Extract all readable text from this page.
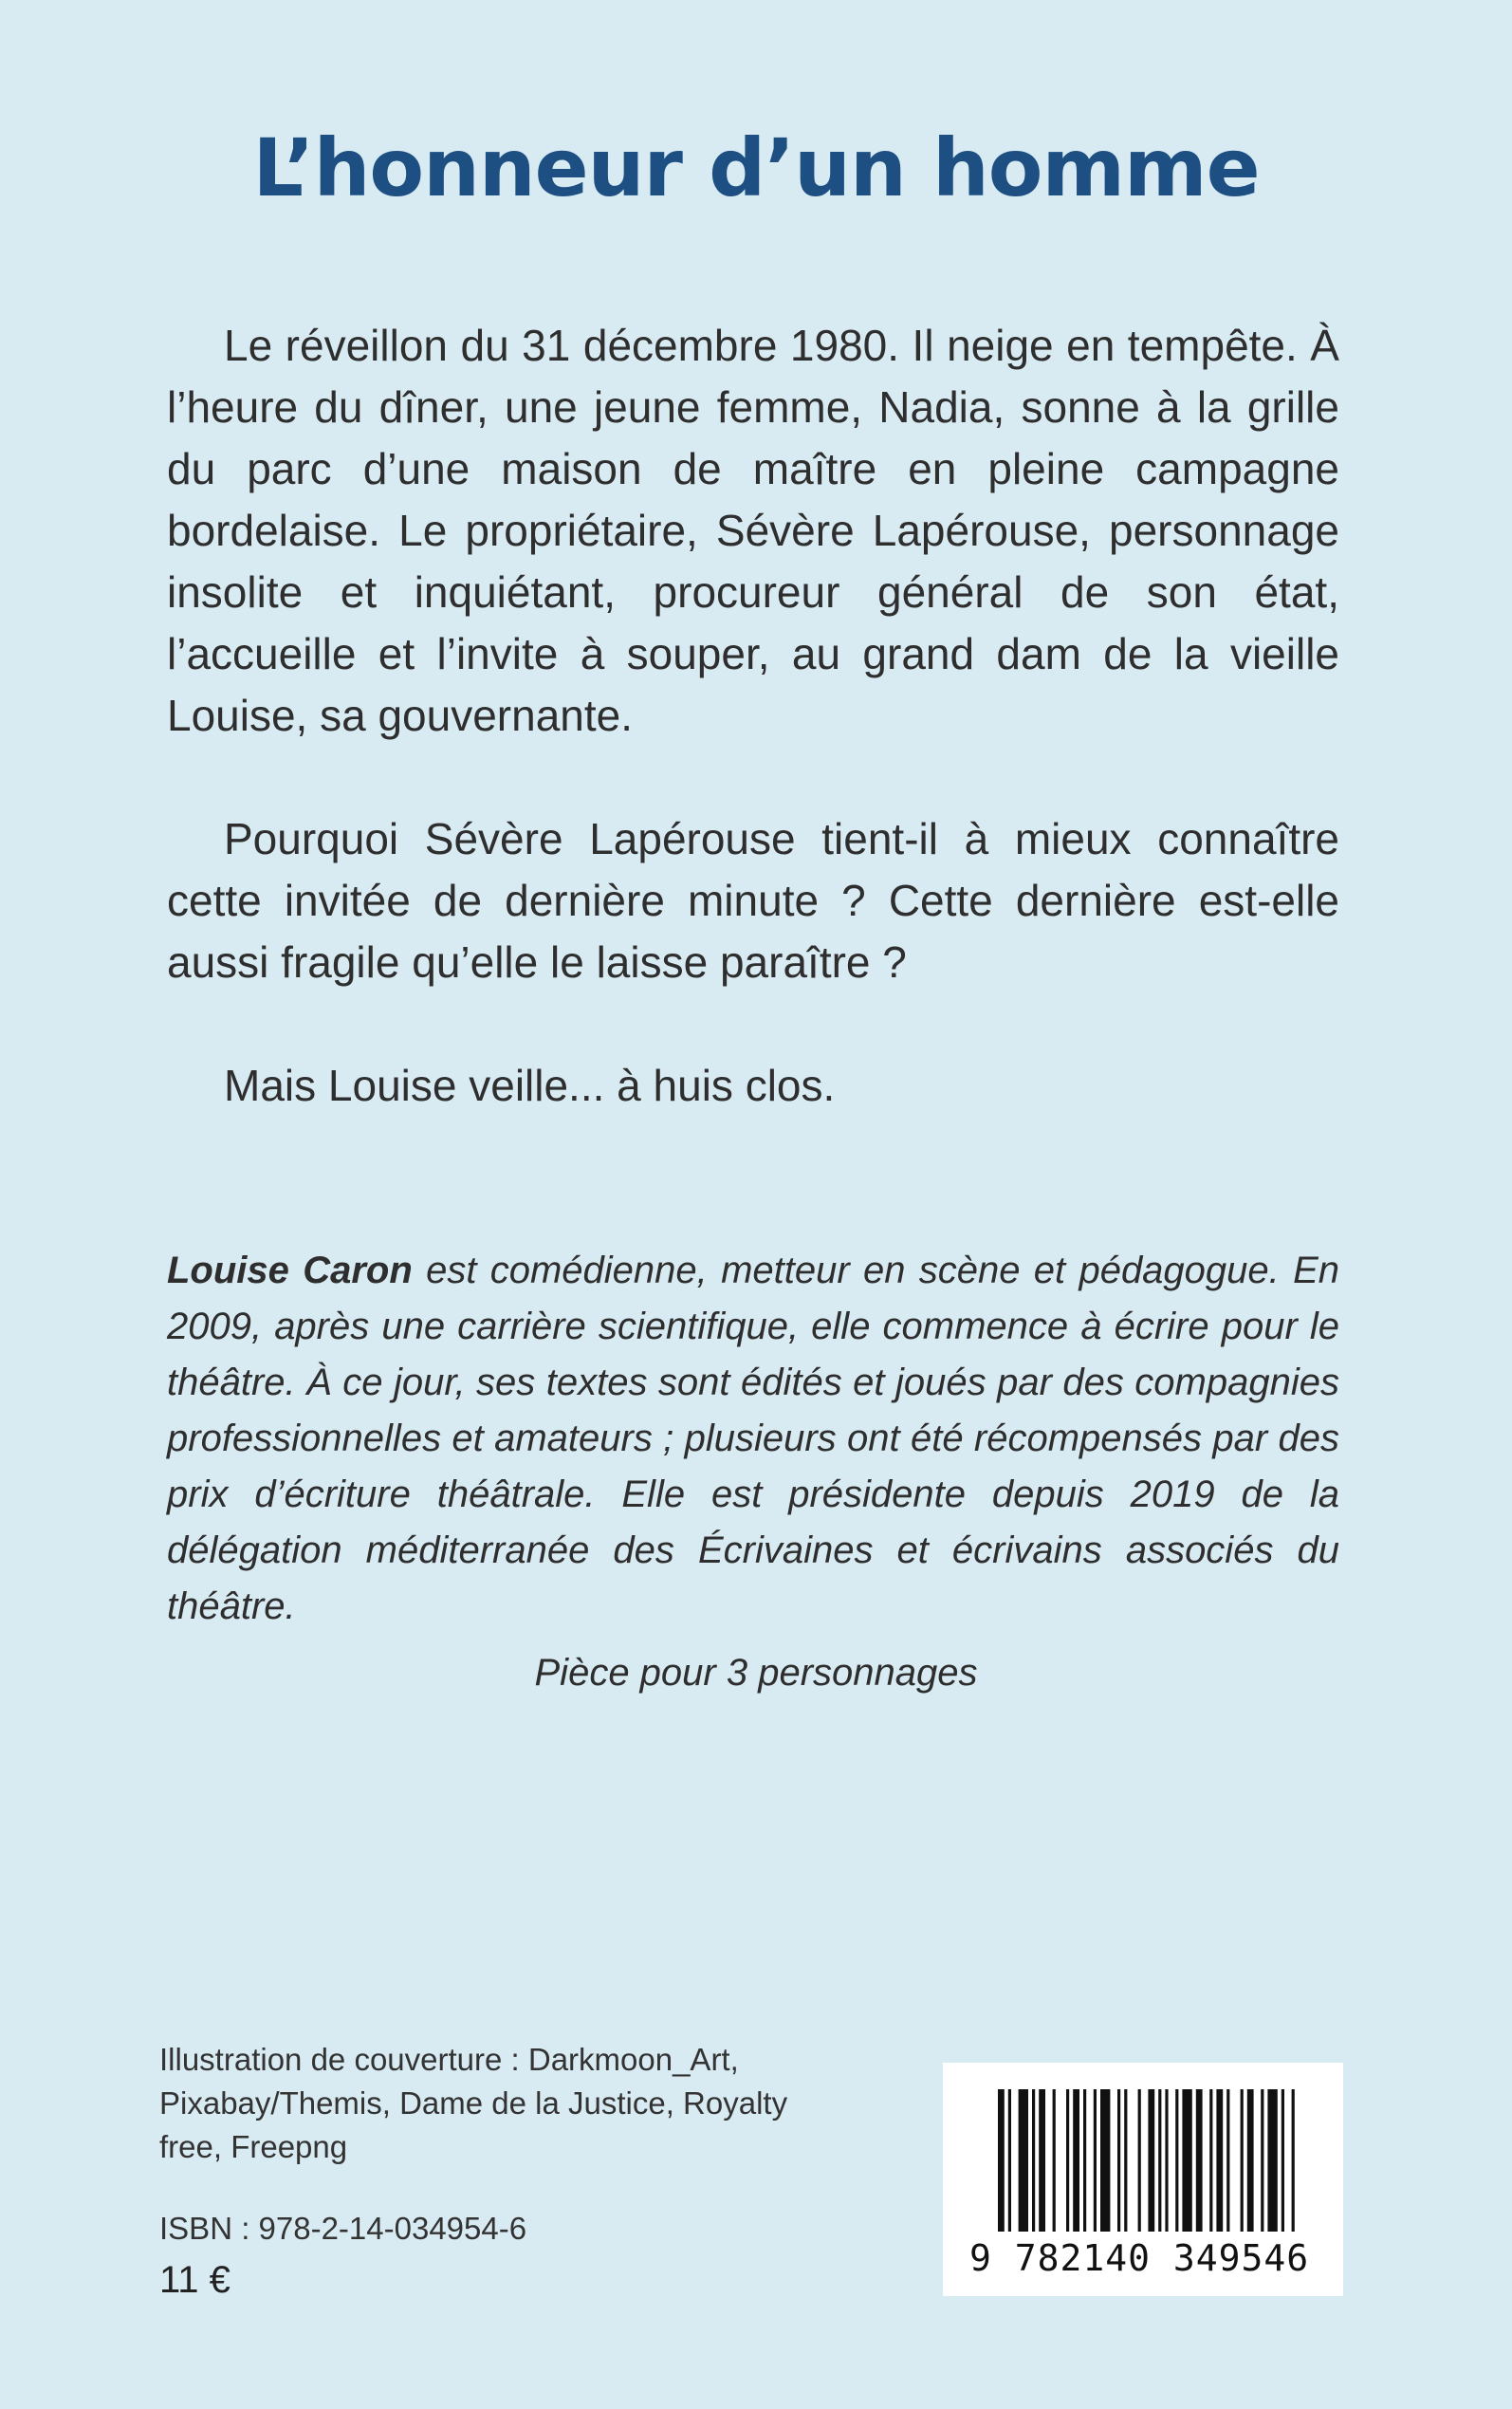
L’honneur d’un homme

Le réveillon du 31 décembre 1980. Il neige en tempête. À l’heure du dîner, une jeune femme, Nadia, sonne à la grille du parc d’une maison de maître en pleine campagne bordelaise. Le propriétaire, Sévère Lapérouse, personnage insolite et inquiétant, procureur général de son état, l’accueille et l’invite à souper, au grand dam de la vieille Louise, sa gouvernante.

Pourquoi Sévère Lapérouse tient-il à mieux connaître cette invitée de dernière minute ? Cette dernière est-elle aussi fragile qu’elle le laisse paraître ?

Mais Louise veille... à huis clos.

Louise Caron est comédienne, metteur en scène et pédagogue. En 2009, après une carrière scientifique, elle commence à écrire pour le théâtre. À ce jour, ses textes sont édités et joués par des compagnies professionnelles et amateurs ; plusieurs ont été récompensés par des prix d’écriture théâtrale. Elle est présidente depuis 2019 de la délégation méditerranée des Écrivaines et écrivains associés du théâtre.

Pièce pour 3 personnages

Illustration de couverture : Darkmoon_Art, Pixabay/Themis, Dame de la Justice, Royalty free, Freepng

ISBN : 978-2-14-034954-6

11 €

9 782140 349546
